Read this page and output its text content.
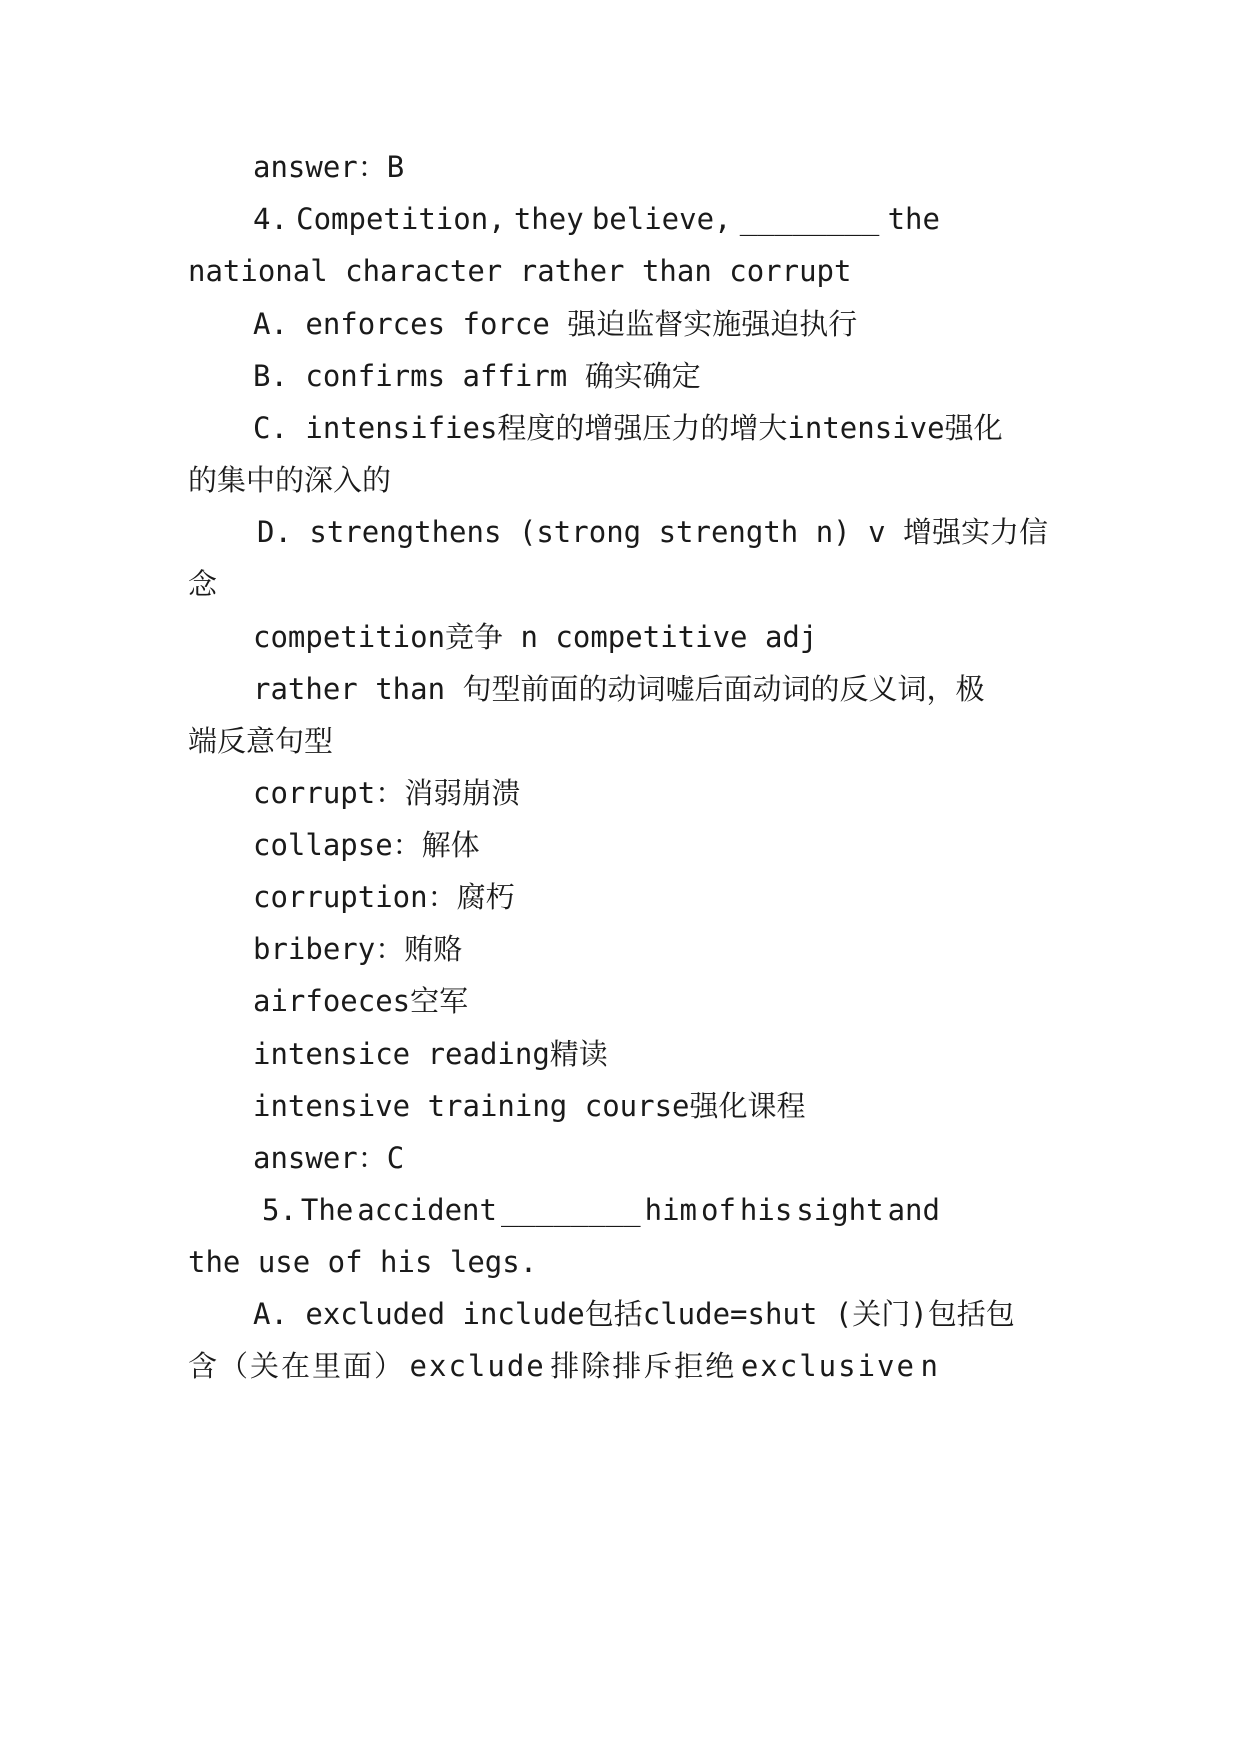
answer：B

4. Competition, they believe, ________ the

national character rather than corrupt

A. enforces force 强迫监督实施强迫执行

B. confirms affirm 确实确定

C. intensifies程度的增强压力的增大intensive强化

的集中的深入的

D. strengthens (strong strength n) v 增强实力信

念

competition竞争 n competitive adj

rather than 句型前面的动词嘘后面动词的反义词，极

端反意句型

corrupt：消弱崩溃

collapse：解体

corruption：腐朽

bribery：贿赂

airfoeces空军

intensice reading精读

intensive training course强化课程

answer：C

5. The accident ________ him of his sight and

the use of his legs.

A. excluded include包括clude=shut (关门)包括包

含（关在里面） exclude 排除排斥拒绝 exclusive n
